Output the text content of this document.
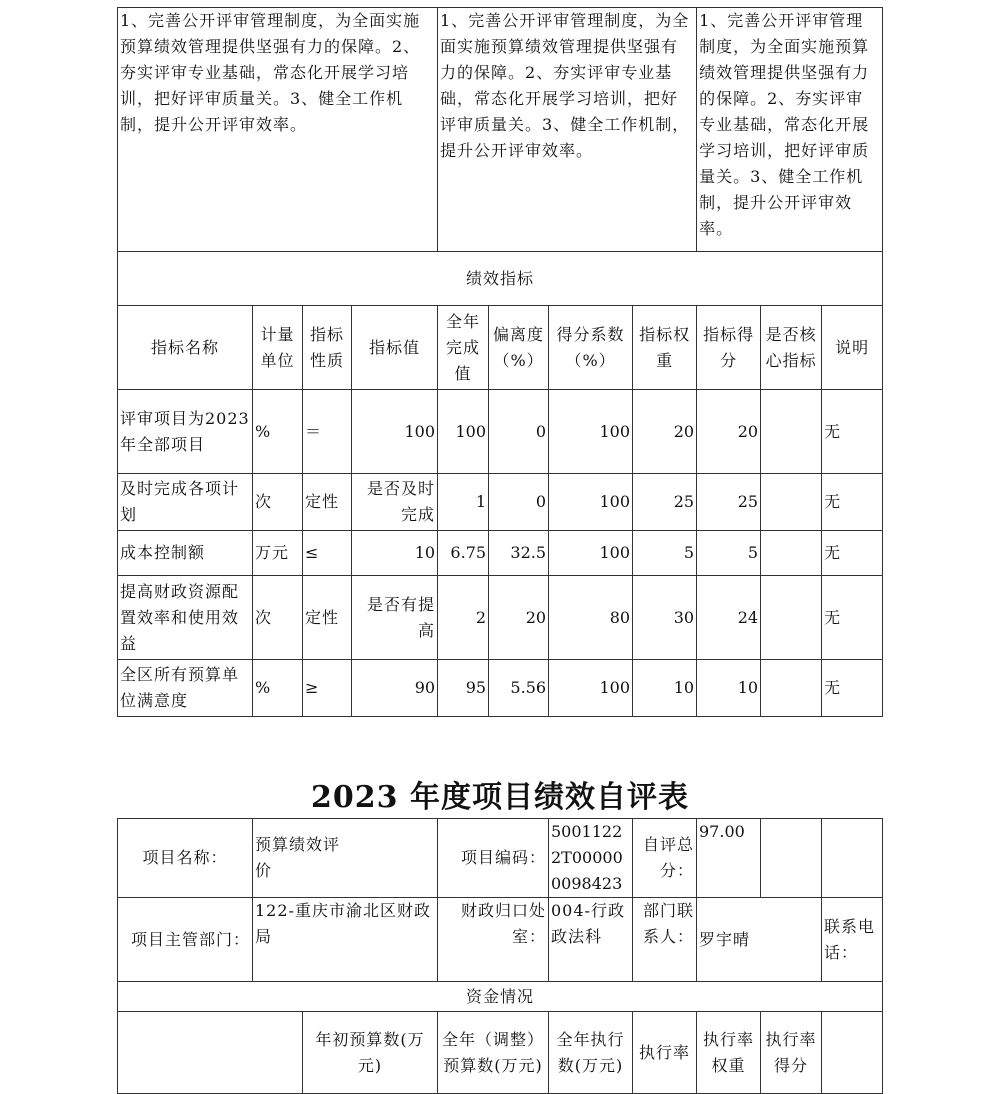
1、完善公开评审管理制度，为全面实施预算绩效管理提供坚强有力的保障。2、夯实评审专业基础，常态化开展学习培训，把好评审质量关。3、健全工作机制，提升公开评审效率。				1、完善公开评审管理制度，为全面实施预算绩效管理提供坚强有力的保障。2、夯实评审专业基础，常态化开展学习培训，把好评审质量关。3、健全工作机制，提升公开评审效率。				1、完善公开评审管理制度，为全面实施预算绩效管理提供坚强有力的保障。2、夯实评审专业基础，常态化开展学习培训，把好评审质量关。3、健全工作机制，提升公开评审效率。		
绩效指标										
指标名称	计量单位	指标性质	指标值	全年完成值	偏离度（%）	得分系数（%）	指标权重	指标得分	是否核心指标	说明
评审项目为2023年全部项目	%	＝	100	100	0	100	20	20		无
及时完成各项计划	次	定性	是否及时完成	1	0	100	25	25		无
成本控制额	万元	≤	10	6.75	32.5	100	5	5		无
提高财政资源配置效率和使用效益	次	定性	是否有提高	2	20	80	30	24		无
全区所有预算单位满意度	%	≥	90	95	5.56	100	10	10		无
2023 年度项目绩效自评表
项目名称：	预算绩效评价		项目编码：	50011222T000000098423	自评总分：	97.00		
项目主管部门：	122-重庆市渝北区财政局		财政归口处室：	004-行政政法科	部门联系人：	罗宇晴		联系电话：

资金情况								
		年初预算数(万元)	全年（调整）预算数(万元)	全年执行数(万元)	执行率	执行率权重	执行率得分	
